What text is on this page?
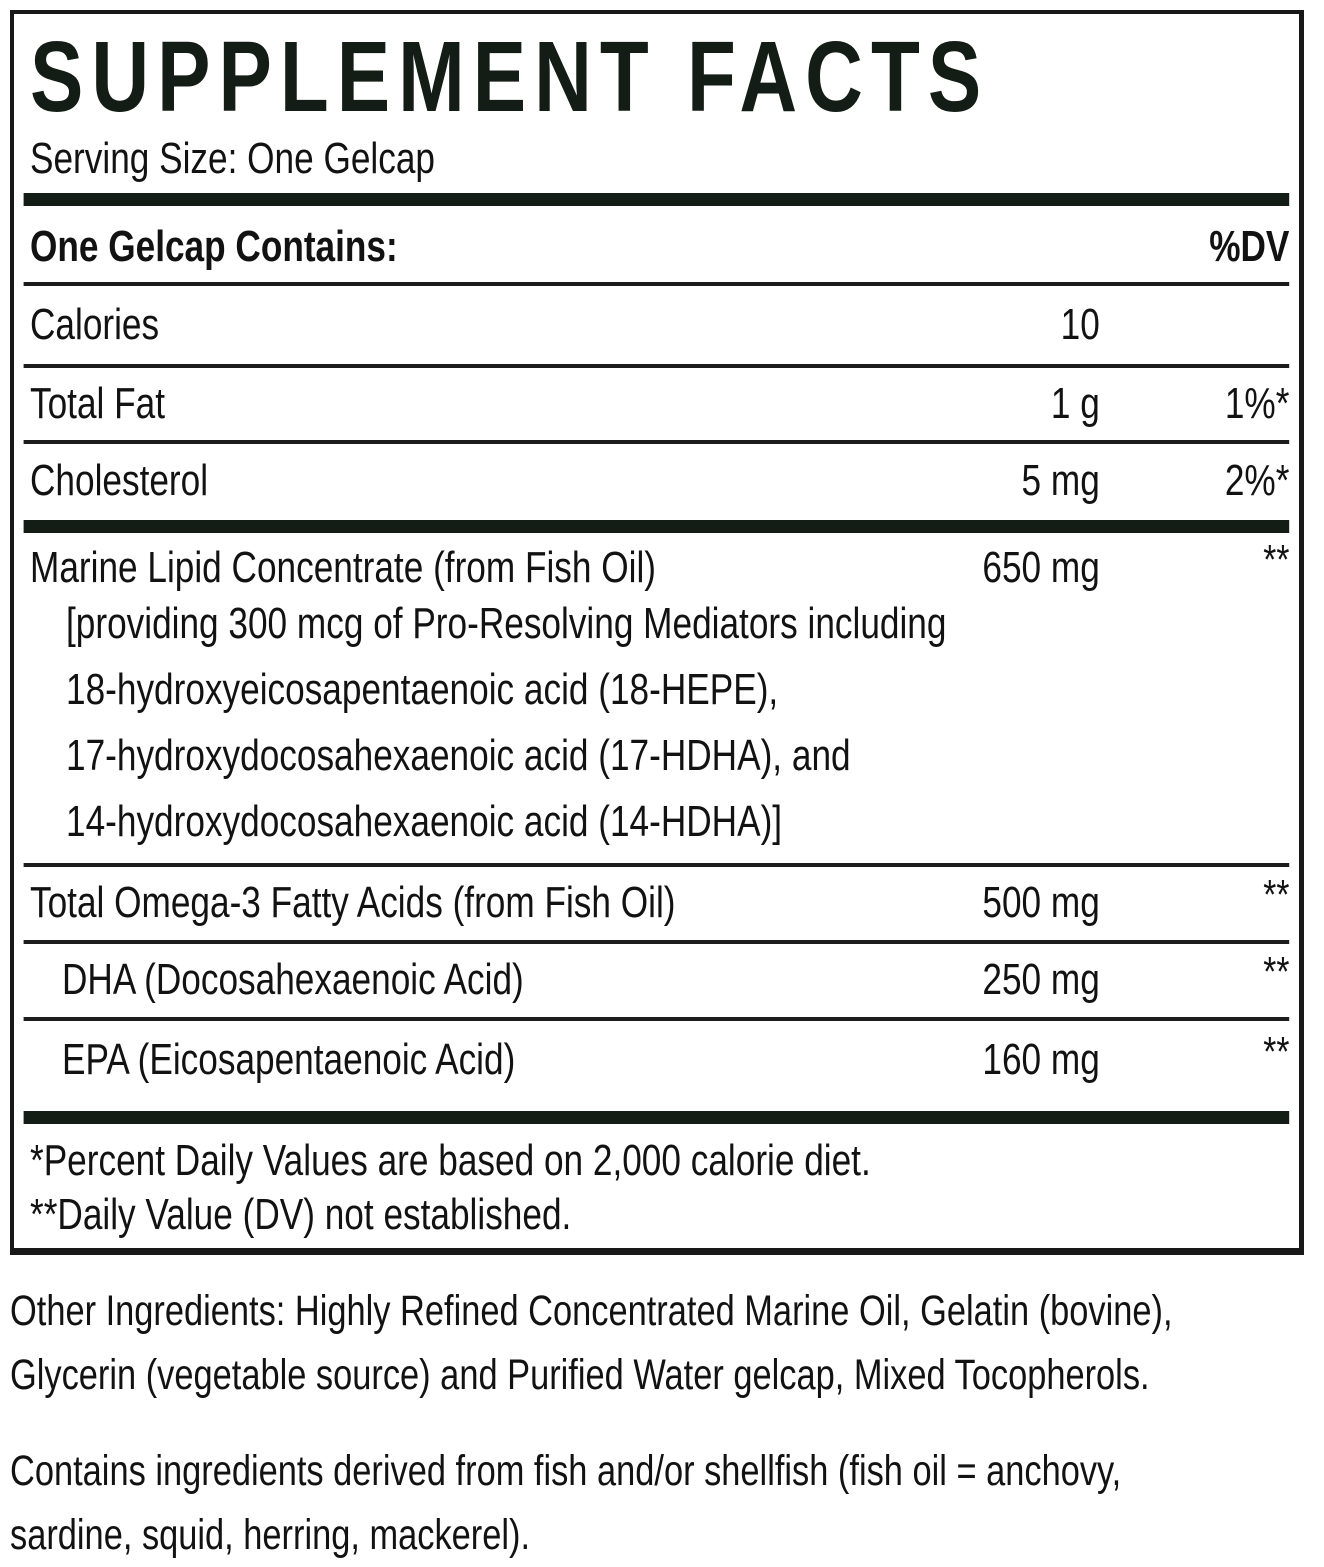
SUPPLEMENT FACTS
Serving Size: One Gelcap
One Gelcap Contains:	%DV
Calories	10
Total Fat	1 g	1%*
Cholesterol	5 mg	2%*
Marine Lipid Concentrate (from Fish Oil)	650 mg	**
[providing 300 mcg of Pro-Resolving Mediators including
18-hydroxyeicosapentaenoic acid (18-HEPE),
17-hydroxydocosahexaenoic acid (17-HDHA), and
14-hydroxydocosahexaenoic acid (14-HDHA)]
Total Omega-3 Fatty Acids (from Fish Oil)	500 mg	**
DHA (Docosahexaenoic Acid)	250 mg	**
EPA (Eicosapentaenoic Acid)	160 mg	**
*Percent Daily Values are based on 2,000 calorie diet.
**Daily Value (DV) not established.

Other Ingredients: Highly Refined Concentrated Marine Oil, Gelatin (bovine),
Glycerin (vegetable source) and Purified Water gelcap, Mixed Tocopherols.

Contains ingredients derived from fish and/or shellfish (fish oil = anchovy,
sardine, squid, herring, mackerel).
